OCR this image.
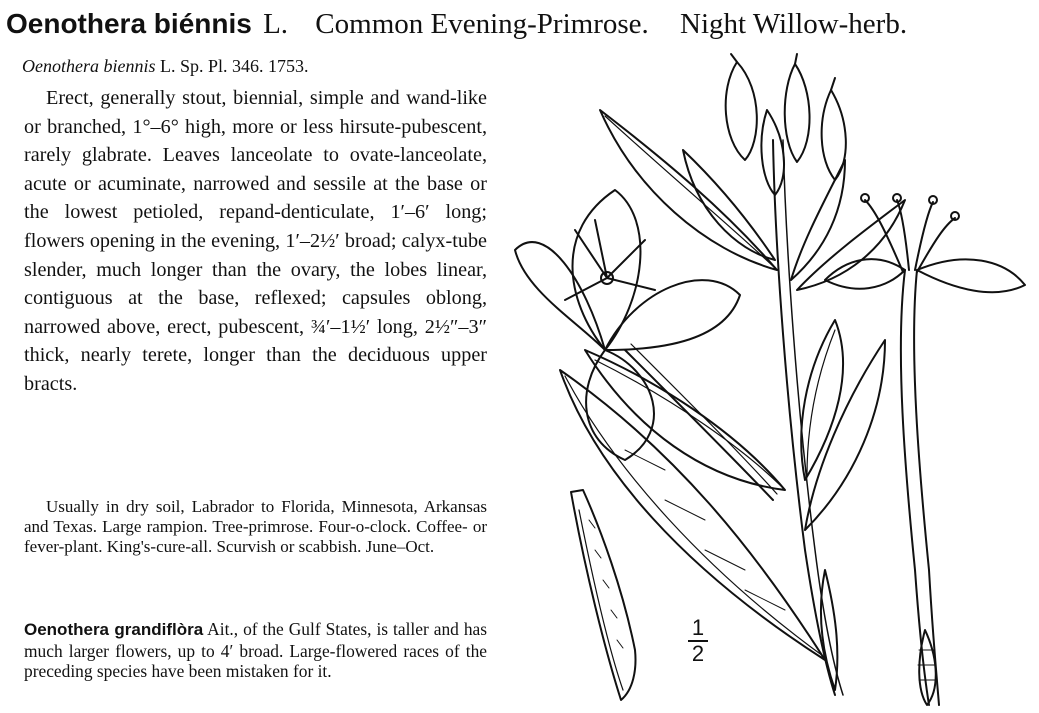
Oenothera biénnis L. Common Evening-Primrose. Night Willow-herb.
Oenothera biennis L. Sp. Pl. 346. 1753.

Erect, generally stout, biennial, simple and wand-like or branched, 1°–6° high, more or less hirsute-pubescent, rarely glabrate. Leaves lanceolate to ovate-lanceolate, acute or acuminate, narrowed and sessile at the base or the lowest petioled, repand-denticulate, 1′–6′ long; flowers opening in the evening, 1′–2½′ broad; calyx-tube slender, much longer than the ovary, the lobes linear, contiguous at the base, reflexed; capsules oblong, narrowed above, erect, pubescent, ¾′–1½′ long, 2½″–3″ thick, nearly terete, longer than the deciduous upper bracts.

Usually in dry soil, Labrador to Florida, Minnesota, Arkansas and Texas. Large rampion. Tree-primrose. Four-o-clock. Coffee- or fever-plant. King's-cure-all. Scurvish or scabbish. June–Oct.

Oenothera grandiflòra Ait., of the Gulf States, is taller and has much larger flowers, up to 4′ broad. Large-flowered races of the preceding species have been mistaken for it.

1
2
